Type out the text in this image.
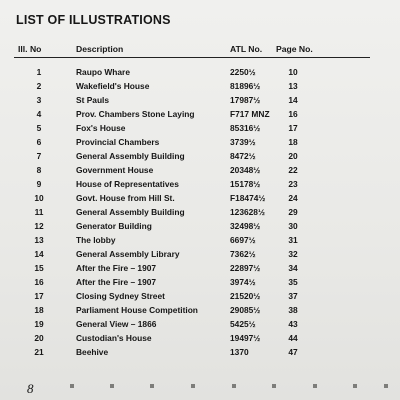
LIST OF ILLUSTRATIONS
Ill. No	Description	ATL No. Page No.
1	Raupo Whare	2250½	10
2	Wakefield's House	81896½	13
3	St Pauls	17987½	14
4	Prov. Chambers Stone Laying	F717 MNZ	16
5	Fox's House	85316½	17
6	Provincial Chambers	3739½	18
7	General Assembly Building	8472½	20
8	Government House	20348½	22
9	House of Representatives	15178½	23
10	Govt. House from Hill St.	F18474½	24
11	General Assembly Building	123628½	29
12	Generator Building	32498½	30
13	The lobby	6697½	31
14	General Assembly Library	7362½	32
15	After the Fire – 1907	22897½	34
16	After the Fire – 1907	3974½	35
17	Closing Sydney Street	21520½	37
18	Parliament House Competition	29085½	38
19	General View – 1866	5425½	43
20	Custodian's House	19497½	44
21	Beehive	1370	47
8
